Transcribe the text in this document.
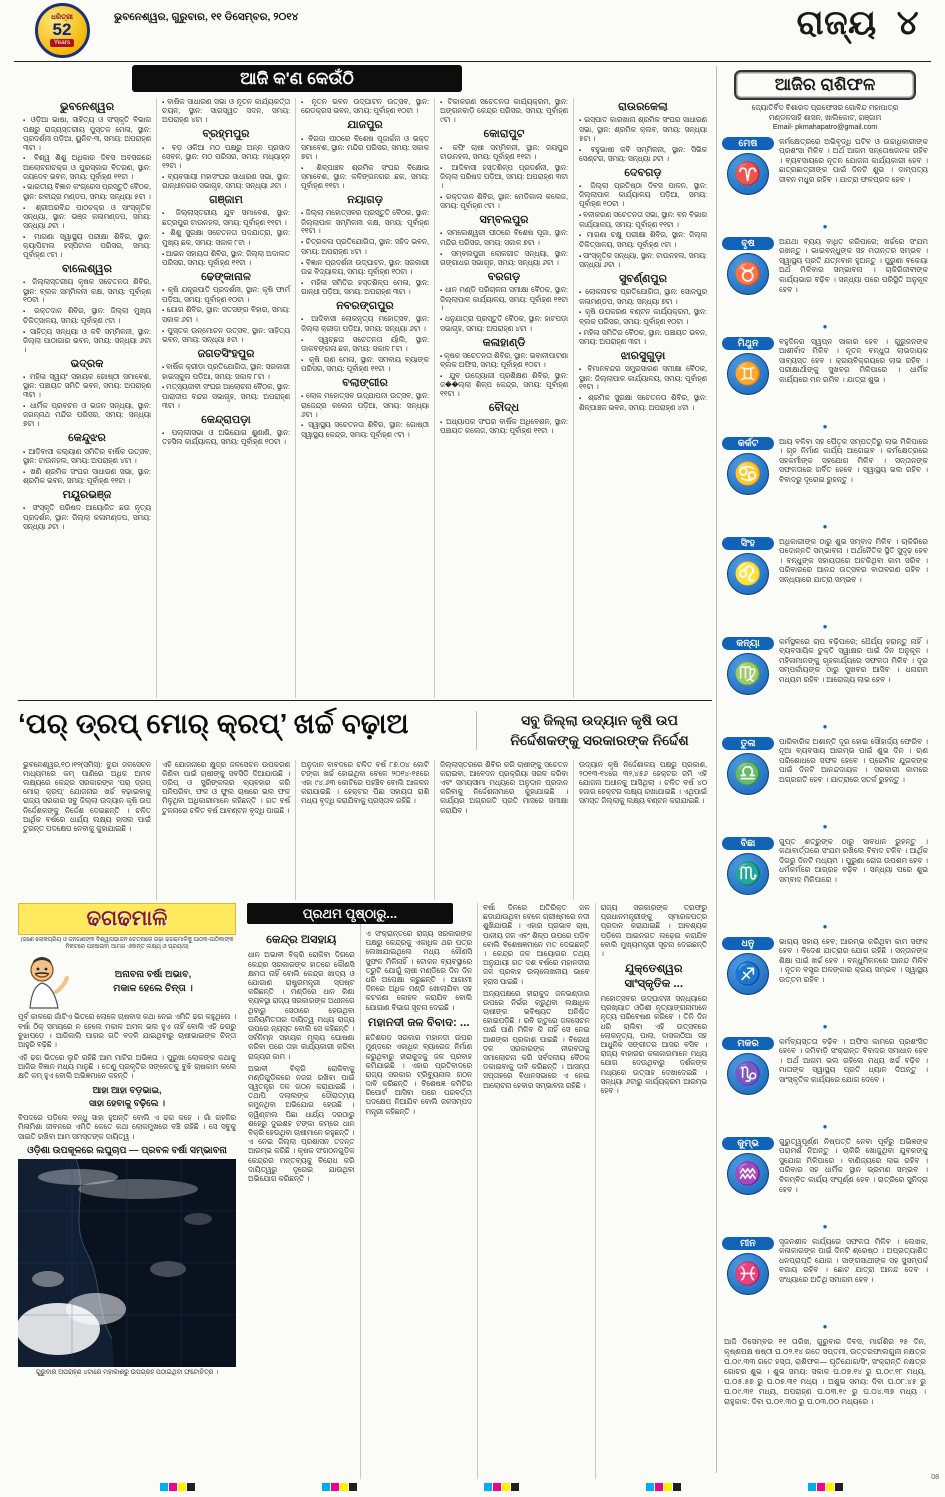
ଧରିତ୍ରୀ
52
Years
ଭୁବନେଶ୍ୱର, ଗୁରୁବାର, ୧୧ ଡିସେମ୍ବର, ୨୦୧୪	ରାଜ୍ୟ ୪
ଆଜି କ'ଣ କେଉଁଠି
ଭୁବନେଶ୍ୱର

▪ ଓଡ଼ିଆ ଭାଷା, ସାହିତ୍ୟ ଓ ସଂସ୍କୃତି ବିଭାଗ ପକ୍ଷରୁ ରାଜ୍ୟସ୍ତରୀୟ ପୁସ୍ତକ ମେଳା, ସ୍ଥାନ: ପ୍ରଦର୍ଶନୀ ପଡ଼ିଆ, ୟୁନିଟ-୩, ସମୟ: ଅପରାହ୍ଣ ୩ଟା ।

▪ ବିଶ୍ୱ ଶିଶୁ ଅଧିକାର ଦିବସ ଅବସରରେ ଆଲୋଚନାଚକ୍ର ଓ ପୁରସ୍କାର ବିତରଣ, ସ୍ଥାନ: ଜୟଦେବ ଭବନ, ସମୟ: ପୂର୍ବାହ୍ଣ ୧୧ଟା ।

▪ ଭାରତୀୟ ବିଜ୍ଞାନ କଂଗ୍ରେସ ପ୍ରସ୍ତୁତି ବୈଠକ, ସ୍ଥାନ: ରବୀନ୍ଦ୍ର ମଣ୍ଡପ, ସମୟ: ସନ୍ଧ୍ୟା ୫ଟା ।

▪ ଶ୍ରୀଅରବିନ୍ଦ ପାଠଚକ୍ର ଓ ସାଂସ୍କୃତିକ ସନ୍ଧ୍ୟା, ସ୍ଥାନ: ଭଞ୍ଜ କଳାମଣ୍ଡପ, ସମୟ: ସନ୍ଧ୍ୟା ୬ଟା ।

▪ ମାଗଣା ସ୍ୱାସ୍ଥ୍ୟ ପରୀକ୍ଷା ଶିବିର, ସ୍ଥାନ: କ୍ୟାପିଟାଲ ହସ୍ପିଟାଲ ପରିସର, ସମୟ: ପୂର୍ବାହ୍ଣ ୯ଟା ।

ବାଲେଶ୍ୱର

▪ ଜିଲ୍ଲାସ୍ତରୀୟ କୃଷକ ସଚେତନତା ଶିବିର, ସ୍ଥାନ: ବ୍ଲକ ସମ୍ମିଳନୀ କକ୍ଷ, ସମୟ: ପୂର୍ବାହ୍ଣ ୧୦ଟା ।

▪ ରକ୍ତଦାନ ଶିବିର, ସ୍ଥାନ: ଜିଲ୍ଲା ମୁଖ୍ୟ ଚିକିତ୍ସାଳୟ, ସମୟ: ପୂର୍ବାହ୍ଣ ୯ଟା ।

▪ ସାହିତ୍ୟ ସନ୍ଧ୍ୟା ଓ କବି ସମ୍ମିଳନୀ, ସ୍ଥାନ: ଜିଲ୍ଲା ପାଠାଗାର ଭବନ, ସମୟ: ସନ୍ଧ୍ୟା ୬ଟା ।

ଭଦ୍ରକ

▪ ମହିଳା ସ୍ୱୟଂ ସହାୟକ ଗୋଷ୍ଠୀ ସମାବେଶ, ସ୍ଥାନ: ପଞ୍ଚାୟତ ସମିତି ଭବନ, ସମୟ: ଅପରାହ୍ଣ ୩ଟା ।

▪ ଧାର୍ମିକ ପ୍ରବଚନ ଓ ଭଜନ ସନ୍ଧ୍ୟା, ସ୍ଥାନ: ଜଗନ୍ନାଥ ମନ୍ଦିର ପରିସର, ସମୟ: ସନ୍ଧ୍ୟା ୭ଟା ।

କେନ୍ଦୁଝର

▪ ଆଦିବାସୀ କଲ୍ୟାଣ ସମିତିର ବାର୍ଷିକ ଉତ୍ସବ, ସ୍ଥାନ: ଟାଉନହଲ, ସମୟ: ଅପରାହ୍ଣ ୪ଟା ।

▪ ଖଣି ଶ୍ରମିକ ସଂଘର ସାଧାରଣ ସଭା, ସ୍ଥାନ: ଶ୍ରମିକ ଭବନ, ସମୟ: ପୂର୍ବାହ୍ଣ ୧୧ଟା ।

ମୟୂରଭଞ୍ଜ

▪ ସଂସ୍କୃତି ପରିଷଦ ଆୟୋଜିତ ଛଉ ନୃତ୍ୟ ପ୍ରଦର୍ଶନ, ସ୍ଥାନ: ଜିଲ୍ଲା କଳାମଣ୍ଡପ, ସମୟ: ସନ୍ଧ୍ୟା ୬ଟା ।

▪ ବାର୍ଷିକ ସାଧାରଣ ସଭା ଓ ନୂତନ କାର୍ଯ୍ୟକର୍ତ୍ତା ଚୟନ, ସ୍ଥାନ: ସାରସ୍ୱତ ସଦନ, ସମୟ: ଅପରାହ୍ଣ ୪ଟା ।

ବ୍ରହ୍ମପୁର

▪ ବଡ଼ ଓଳିଆ ମଠ ପକ୍ଷରୁ ଅନ୍ନ ପ୍ରସାଦ ସେବନ, ସ୍ଥାନ: ମଠ ପରିସର, ସମୟ: ମଧ୍ୟାହ୍ନ ୧୨ଟା ।

▪ ବ୍ୟବସାୟୀ ମହାସଂଘର ସାଧାରଣ ସଭା, ସ୍ଥାନ: ଗାନ୍ଧୀନଗର ସଭାଗୃହ, ସମୟ: ସନ୍ଧ୍ୟା ୬ଟା ।

ଗଞ୍ଜାମ

▪ ଜିଲ୍ଲାସ୍ତରୀୟ ଯୁବ ସମାବେଶ, ସ୍ଥାନ: ଛତ୍ରପୁର ଟାଉନହଲ, ସମୟ: ପୂର୍ବାହ୍ଣ ୧୧ଟା ।

▪ ଶିଶୁ ସୁରକ୍ଷା ସଚେତନତା ପଦଯାତ୍ରା, ସ୍ଥାନ: ମୁଖ୍ୟ ଛକ, ସମୟ: ସକାଳ ୮ଟା ।

▪ ଆଇନ ସହାୟତା ଶିବିର, ସ୍ଥାନ: ଜିଲ୍ଲା ଅଦାଲତ ପରିସର, ସମୟ: ପୂର୍ବାହ୍ଣ ୧୧ଟା ।

ଢେଙ୍କାନାଳ

▪ କୃଷି ଯନ୍ତ୍ରପାତି ପ୍ରଦର୍ଶନୀ, ସ୍ଥାନ: କୃଷି ଫାର୍ମ ପଡ଼ିଆ, ସମୟ: ପୂର୍ବାହ୍ଣ ୧୦ଟା ।

▪ ଯୋଗ ଶିବିର, ସ୍ଥାନ: ସତସଙ୍ଗ ବିହାର, ସମୟ: ସକାଳ ୬ଟା ।

▪ ପୁସ୍ତକ ଉନ୍ମୋଚନ ଉତ୍ସବ, ସ୍ଥାନ: ସାହିତ୍ୟ ଭବନ, ସମୟ: ସନ୍ଧ୍ୟା ୫ଟା ।

ଜଗତସିଂହପୁର

▪ ବାର୍ଷିକ କ୍ରୀଡ଼ା ପ୍ରତିଯୋଗିତା, ସ୍ଥାନ: ସରକାରୀ ହାଇସ୍କୁଲ ପଡ଼ିଆ, ସମୟ: ସକାଳ ୮ଟା ।

▪ ମତ୍ସ୍ୟଜୀବୀ ସଂଘର ଆଲୋଚନା ବୈଠକ, ସ୍ଥାନ: ପାରାଦୀପ ବନ୍ଦର ସଭାଗୃହ, ସମୟ: ଅପରାହ୍ଣ ୩ଟା ।

କେନ୍ଦ୍ରାପଡ଼ା

▪ ପଲ୍ଲୀସଭା ଓ ଅଭିଯୋଗ ଶୁଣାଣି, ସ୍ଥାନ: ତହସିଲ କାର୍ଯ୍ୟାଳୟ, ସମୟ: ପୂର୍ବାହ୍ଣ ୧୦ଟା ।

▪ ନୂତନ ଭବନ ଉଦ୍‌ଘାଟନ ଉତ୍ସବ, ସ୍ଥାନ: ରେଡକ୍ରସ ଭବନ, ସମୟ: ପୂର୍ବାହ୍ଣ ୧୦ଟା ।

ଯାଜପୁର

▪ ବିରଜା ପୀଠରେ ବିଶେଷ ପୂଜାର୍ଚ୍ଚନା ଓ ଭକ୍ତ ସମାବେଶ, ସ୍ଥାନ: ମନ୍ଦିର ପରିସର, ସମୟ: ସକାଳ ୭ଟା ।

▪ ଶିଳ୍ପାଞ୍ଚଳ ଶ୍ରମିକ ସଂଘର ବିକ୍ଷୋଭ ସମାବେଶ, ସ୍ଥାନ: କଳିଙ୍ଗନଗର ଛକ, ସମୟ: ପୂର୍ବାହ୍ଣ ୧୧ଟା ।

ନୟାଗଡ଼

▪ ଜିଲ୍ଲା ମହୋତ୍ସବର ପ୍ରସ୍ତୁତି ବୈଠକ, ସ୍ଥାନ: ଜିଲ୍ଲାପାଳ ସମ୍ମିଳନୀ କକ୍ଷ, ସମୟ: ପୂର୍ବାହ୍ଣ ୧୧ଟା ।

▪ ଚିତ୍ରକଳା ପ୍ରତିଯୋଗିତା, ସ୍ଥାନ: ସହିଦ ଭବନ, ସମୟ: ଅପରାହ୍ଣ ୪ଟା ।

▪ ବିଜ୍ଞାନ ପ୍ରଦର୍ଶନୀ ଉଦ୍‌ଘାଟନ, ସ୍ଥାନ: ସରକାରୀ ଉଚ୍ଚ ବିଦ୍ୟାଳୟ, ସମୟ: ପୂର୍ବାହ୍ଣ ୧୦ଟା ।

▪ ମହିଳା ସମିତିର ହସ୍ତଶିଳ୍ପ ମେଳା, ସ୍ଥାନ: ଗାନ୍ଧୀ ପଡ଼ିଆ, ସମୟ: ଅପରାହ୍ଣ ୩ଟା ।

ନବରଙ୍ଗପୁର

▪ ଆଦିବାସୀ ଲୋକନୃତ୍ୟ ମହୋତ୍ସବ, ସ୍ଥାନ: ଜିଲ୍ଲା କ୍ରୀଡ଼ା ପଡ଼ିଆ, ସମୟ: ସନ୍ଧ୍ୟା ୬ଟା ।

▪ ସ୍ୱଚ୍ଛତା ସଚେତନତା ର୍ୟାଲି, ସ୍ଥାନ: ଡାକବଙ୍ଗଳା ଛକ, ସମୟ: ସକାଳ ୮ଟା ।

▪ କୃଷି ଋଣ ମେଳା, ସ୍ଥାନ: ସମବାୟ ବ୍ୟାଙ୍କ ପରିସର, ସମୟ: ପୂର୍ବାହ୍ଣ ୧୧ଟା ।

ବଲାଙ୍ଗୀର

▪ ଲୋକ ମହୋତ୍ସବ ଉଦ୍‌ଯାପନୀ ଉତ୍ସବ, ସ୍ଥାନ: ରାଜେନ୍ଦ୍ର କଲେଜ ପଡ଼ିଆ, ସମୟ: ସନ୍ଧ୍ୟା ୬ଟା ।

▪ ସ୍ୱାସ୍ଥ୍ୟ ସଚେତନତା ଶିବିର, ସ୍ଥାନ: ଗୋଷ୍ଠୀ ସ୍ୱାସ୍ଥ୍ୟ କେନ୍ଦ୍ର, ସମୟ: ପୂର୍ବାହ୍ଣ ୯ଟା ।

▪ ଟିକାକରଣ ସଚେତନତା କାର୍ଯ୍ୟକ୍ରମ, ସ୍ଥାନ: ଅଙ୍ଗନବାଡ଼ି କେନ୍ଦ୍ର ପରିସର, ସମୟ: ପୂର୍ବାହ୍ଣ ୯ଟା ।

କୋରାପୁଟ

▪ କଫି ଚାଷୀ ସମ୍ମିଳନୀ, ସ୍ଥାନ: ଜୟପୁର ଟାଉନହଲ, ସମୟ: ପୂର୍ବାହ୍ଣ ୧୧ଟା ।

▪ ଆଦିବାସୀ ହସ୍ତଶିଳ୍ପ ପ୍ରଦର୍ଶନୀ, ସ୍ଥାନ: ଜିଲ୍ଲା ପରିଷଦ ପଡ଼ିଆ, ସମୟ: ଅପରାହ୍ଣ ୩ଟା ।

▪ ରକ୍ତଦାନ ଶିବିର, ସ୍ଥାନ: ମେଡିକାଲ କଲେଜ, ସମୟ: ପୂର୍ବାହ୍ଣ ୯ଟା ।

ସମ୍ବଲପୁର

▪ ସମଲେଶ୍ୱରୀ ପୀଠରେ ବିଶେଷ ପୂଜା, ସ୍ଥାନ: ମନ୍ଦିର ପରିସର, ସମୟ: ସକାଳ ୭ଟା ।

▪ ସମ୍ବଲପୁରୀ ଲୋକଗୀତ ସନ୍ଧ୍ୟା, ସ୍ଥାନ: ଗଙ୍ଗାଧର ସଭାଗୃହ, ସମୟ: ସନ୍ଧ୍ୟା ୬ଟା ।

ବରଗଡ଼

▪ ଧାନ ମଣ୍ଡି ପରିଚାଳନା ସମୀକ୍ଷା ବୈଠକ, ସ୍ଥାନ: ଜିଲ୍ଲାପାଳ କାର୍ଯ୍ୟାଳୟ, ସମୟ: ପୂର୍ବାହ୍ଣ ୧୧ଟା ।

▪ ଧନୁଯାତ୍ରା ପ୍ରସ୍ତୁତି ବୈଠକ, ସ୍ଥାନ: ହାଟପଡ଼ା ସଭାଗୃହ, ସମୟ: ଅପରାହ୍ଣ ୪ଟା ।

କଳାହାଣ୍ଡି

▪ କୃଷକ ସଚେତନତା ଶିବିର, ସ୍ଥାନ: ଭବାନୀପାଟଣା ବ୍ଲକ ଅଫିସ, ସମୟ: ପୂର୍ବାହ୍ଣ ୧୦ଟା ।

▪ ଯୁବ ଉଦ୍ୟୋଗୀ ପ୍ରଶିକ୍ଷଣ ଶିବିର, ସ୍ଥାନ: ଜ��ଲ୍ଲା ଶିଳ୍ପ କେନ୍ଦ୍ର, ସମୟ: ପୂର୍ବାହ୍ଣ ୧୧ଟା ।

ବୌଦ୍ଧ

▪ ଅଧ୍ୟାପକ ସଂଘର ବାର୍ଷିକ ଅଧିବେଶନ, ସ୍ଥାନ: ପଞ୍ଚାୟତ କଲେଜ, ସମୟ: ପୂର୍ବାହ୍ଣ ୧୧ଟା ।

ରାଉରକେଲା

▪ ଇସ୍ପାତ କାରଖାନା ଶ୍ରମିକ ସଂଘର ସାଧାରଣ ସଭା, ସ୍ଥାନ: ଶ୍ରମିକ କ୍ଲବ, ସମୟ: ସନ୍ଧ୍ୟା ୫ଟା ।

▪ ବହୁଭାଷୀ କବି ସମ୍ମିଳନୀ, ସ୍ଥାନ: ସିଭିକ ସେଣ୍ଟର, ସମୟ: ସନ୍ଧ୍ୟା ୬ଟା ।

ଦେବଗଡ଼

▪ ଜିଲ୍ଲା ପ୍ରତିଷ୍ଠା ଦିବସ ପାଳନ, ସ୍ଥାନ: ଜିଲ୍ଲାପାଳ କାର୍ଯ୍ୟାଳୟ ପଡ଼ିଆ, ସମୟ: ପୂର୍ବାହ୍ଣ ୧୦ଟା ।

▪ ବନୀକରଣ ସଚେତନତା ସଭା, ସ୍ଥାନ: ବନ ବିଭାଗ କାର୍ଯ୍ୟାଳୟ, ସମୟ: ପୂର୍ବାହ୍ଣ ୧୧ଟା ।

▪ ମାଗଣା ଚକ୍ଷୁ ପରୀକ୍ଷା ଶିବିର, ସ୍ଥାନ: ଜିଲ୍ଲା ଚିକିତ୍ସାଳୟ, ସମୟ: ପୂର୍ବାହ୍ଣ ୯ଟା ।

▪ ସାଂସ୍କୃତିକ ସନ୍ଧ୍ୟା, ସ୍ଥାନ: ଟାଉନହଲ, ସମୟ: ସନ୍ଧ୍ୟା ୬ଟା ।

ସୁବର୍ଣ୍ଣପୁର

▪ ଲୋକନାଟକ ପ୍ରତିଯୋଗିତା, ସ୍ଥାନ: ସୋନପୁର କଳାମଣ୍ଡପ, ସମୟ: ସନ୍ଧ୍ୟା ୭ଟା ।

▪ କୃଷି ଉପକରଣ ବଣ୍ଟନ କାର୍ଯ୍ୟକ୍ରମ, ସ୍ଥାନ: ବ୍ଲକ ପରିସର, ସମୟ: ପୂର୍ବାହ୍ଣ ୧୦ଟା ।

▪ ମହିଳା ସମିତିର ବୈଠକ, ସ୍ଥାନ: ପଞ୍ଚାୟତ ଭବନ, ସମୟ: ଅପରାହ୍ଣ ୩ଟା ।

ଝାରସୁଗୁଡ଼ା

▪ ବିମାନବନ୍ଦର ସମ୍ପ୍ରସାରଣ ସମୀକ୍ଷା ବୈଠକ, ସ୍ଥାନ: ଜିଲ୍ଲାପାଳ କାର୍ଯ୍ୟାଳୟ, ସମୟ: ପୂର୍ବାହ୍ଣ ୧୧ଟା ।

▪ ଶ୍ରମିକ ସୁରକ୍ଷା ସଚେତନତା ଶିବିର, ସ୍ଥାନ: ଶିଳ୍ପାଞ୍ଚଳ ଭବନ, ସମୟ: ଅପରାହ୍ଣ ୪ଟା ।

‘ପର୍ ଡ୍ରପ୍ ମୋର୍ କ୍ରପ୍’ ଖର୍ଚ୍ଚ ବଢ଼ାଅ	ସବୁ ଜିଲ୍ଲା ଉଦ୍ୟାନ କୃଷି ଉପ
ନିର୍ଦ୍ଦେଶକଙ୍କୁ ସରକାରଙ୍କ ନିର୍ଦ୍ଦେଶ
ଭୁବନେଶ୍ୱର,୧୦।୧୨(ସମିସ): ବୁନ୍ଦା ଜଳସେଚନ ମାଧ୍ୟମରେ କମ୍ ପାଣିରେ ଅଧିକ ଅମଳ ଲକ୍ଷ୍ୟରେ କେନ୍ଦ୍ର ସରକାରଙ୍କ ‘ପର୍ ଡ୍ରପ୍ ମୋର୍ କ୍ରପ୍’ ଯୋଜନାର ଖର୍ଚ୍ଚ ବଢ଼ାଇବାକୁ ରାଜ୍ୟ ସରକାର ସବୁ ଜିଲ୍ଲା ଉଦ୍ୟାନ କୃଷି ଉପ ନିର୍ଦ୍ଦେଶକଙ୍କୁ ନିର୍ଦ୍ଦେଶ ଦେଇଛନ୍ତି । ଚଳିତ ଆର୍ଥିକ ବର୍ଷରେ ଧାର୍ଯ୍ୟ ଲକ୍ଷ୍ୟ ହାସଲ ପାଇଁ ତୁରନ୍ତ ପଦକ୍ଷେପ ନେବାକୁ କୁହାଯାଇଛି ।
ଏହି ଯୋଜନାରେ କ୍ଷୁଦ୍ର ଜଳସେଚନ ଉପକରଣ କିଣିବା ପାଇଁ ଚାଷୀଙ୍କୁ ସବସିଡି ଦିଆଯାଉଛି । ଡ୍ରିପ୍ ଓ ସ୍ପ୍ରିଙ୍କଲର ବ୍ୟବହାର କରି ପନିପରିବା, ଫଳ ଓ ଫୁଲ ଚାଷରେ ଭଲ ଫଳ ମିଳୁଥିବା ଅଧିକାରୀମାନେ କହିଛନ୍ତି । ଗତ ବର୍ଷ ତୁଳନାରେ ଚଳିତ ବର୍ଷ ଆବଣ୍ଟନ ବୃଦ୍ଧି ପାଇଛି ।
ଅନୁଦାନ ବାବଦରେ ଚଳିତ ବର୍ଷ ୮୭.୦୪ କୋଟି ଟଙ୍କା ଖର୍ଚ୍ଚ ହୋଇଥିବା ବେଳେ ୨୦୧୪-୧୫ରେ ଏହା ୯୪.୬୩ କୋଟିରେ ପହଞ୍ଚିବ ବୋଲି ଆକଳନ କରାଯାଇଛି । ହେକ୍ଟର ପିଛା ସହାୟତା ରାଶି ମଧ୍ୟ ବୃଦ୍ଧି କରାଯିବାକୁ ପ୍ରସ୍ତାବ ରହିଛି ।
ଜିଲ୍ଲାସ୍ତରରେ ଶିବିର କରି ଚାଷୀଙ୍କୁ ସଚେତନ କରାଇବା, ଆବେଦନ ପ୍ରକ୍ରିୟା ସରଳ କରିବା ଏବଂ ସମୟସୀମା ମଧ୍ୟରେ ଅନୁଦାନ ପ୍ରଦାନ କରିବାକୁ ନିର୍ଦ୍ଦେଶନାମାରେ କୁହାଯାଇଛି । କାର୍ଯ୍ୟର ଅଗ୍ରଗତି ପ୍ରତି ମାସରେ ସମୀକ୍ଷା କରାଯିବ ।
ଉଦ୍ୟାନ କୃଷି ନିର୍ଦ୍ଦେଶାଳୟ ପକ୍ଷରୁ ପ୍ରକାଶ, ୨୦୧୩-୧୪ରେ ୩୨,୪୫୬ ହେକ୍ଟର ଜମି ଏହି ଯୋଜନା ଅଧୀନକୁ ଆସିଥିଲା । ଚଳିତ ବର୍ଷ ୪୦ ହଜାର ହେକ୍ଟର ଲକ୍ଷ୍ୟ ରଖାଯାଇଛି । ଏଥିପାଇଁ ସମସ୍ତ ଜିଲ୍ଲାକୁ ଲକ୍ଷ୍ୟ ବଣ୍ଟନ କରାଯାଇଛି ।
ଢଗଢମାଳି
(ଜଣେ ଲୋକପ୍ରିୟ ଓ ଜନଗଣଙ୍କ ବିଶ୍ୱାସଭାଜନ ଚେତନାରେ ଗଢ଼ା ଢଗଢମାଳିକୁ ପାଠକ-ପାଠିକାଙ୍କ ନିକଟରେ ପହଞ୍ଚାଇବା ଆମର ଏକାନ୍ତ ଲକ୍ଷ୍ୟ ଓ ପ୍ରୟାସ)
ଅନାବନା ବର୍ଷା ଅଭାବ,
ମକାଳ ହେଲେ ଚିନ୍ତା ।

ପୂର୍ବ କାଳରେ ଗାଁଟିଏ ଭିତରେ ଲୋକେ ଚାଷବାସ କଥା ନେଇ ଏମିତି ଢଗ କହୁଥିଲେ । ବର୍ଷା ଠିକ୍ ସମୟରେ ନ ହେଲେ ମକାଳ ଅମଳ ଭଲ ହୁଏ ନାହିଁ ବୋଲି ଏହି ଢଗରୁ ବୁଝାପଡ଼େ । ଆଜିକାଲି ପାଗର ଗତି ବଦଳି ଯାଇଥିବାରୁ ଚାଷୀଭାଇଙ୍କ ଚିନ୍ତା ଆହୁରି ବଢ଼ିଛି ।

ଏହି ଢଗ ଭିତରେ ଲୁଚି ରହିଛି ଆମ ମାଟିର ଅଭିଜ୍ଞତା । ପୁରୁଖା ଲୋକଙ୍କ କଥାକୁ ଆଜିର ବିଜ୍ଞାନ ମଧ୍ୟ ମାନୁଛି । ତେଣୁ ପ୍ରକୃତିର ସଙ୍କେତକୁ ବୁଝି ଚାଷକାମ କଲେ କ୍ଷତି କମ୍ ହୁଏ ବୋଲି ଅଭିଜ୍ଞମାନେ କହନ୍ତି ।

ଆହା ଆହା ବଡ଼ଭାଇ,
ସାହା ହେବାକୁ ବଢ଼ିଲେ ।

ବିପଦରେ ପଡ଼ିଲେ ବନ୍ଧୁ ସାହା ହୁଅନ୍ତି ବୋଲି ଏ ଢଗ କହେ । ଗାଁ ଗହଳିର ମିଳାମିଶା ଜୀବନରେ ଏମିତି କେତେ କଥା ଲୋକମୁଖରେ ବଞ୍ଚି ରହିଛି । ସେ ସବୁକୁ ସାଇତି ରଖିବା ଆମ ସମସ୍ତଙ୍କ ଦାୟିତ୍ୱ ।

ଓଡ଼ିଶା ଉପକୂଳରେ ଲଘୁଚାପ — ପ୍ରବଳ ବର୍ଷା ସମ୍ଭାବନା
ଗୁରୁବାର ଅପରାହ୍ଣ ୪ଟାରେ ମହାକାଶରୁ ଉପଗ୍ରହ ପଠାଇଥିବା ଫଟୋଚିତ୍ର ।
ପ୍ରଥମ ପୃଷ୍ଠାରୁ...
କେନ୍ଦ୍ର ଅସହାୟ

ଧାନ ଅଭାବୀ ବିକ୍ରି ରୋକିବା ଦିଗରେ କେନ୍ଦ୍ର ସରକାରଙ୍କ ହାତରେ କୌଣସି କ୍ଷମତା ନାହିଁ ବୋଲି କେନ୍ଦ୍ର ଖାଦ୍ୟ ଓ ଯୋଗାଣ ରାଷ୍ଟ୍ରମନ୍ତ୍ରୀ ସ୍ପଷ୍ଟ କରିଛନ୍ତି । ମଣ୍ଡିରେ ଧାନ କିଣା ବ୍ୟବସ୍ଥା ରାଜ୍ୟ ସରକାରଙ୍କ ଅଧୀନରେ ଥିବାରୁ ସେଠାରେ ହେଉଥିବା ଅନିୟମିତତାର ଦାୟିତ୍ୱ ମଧ୍ୟ ରାଜ୍ୟ ଉପରେ ନ୍ୟସ୍ତ ବୋଲି ସେ କହିଛନ୍ତି । ସର୍ବନିମ୍ନ ସହାୟକ ମୂଲ୍ୟ ଘୋଷଣା କରିବା ପରେ ତାହା କାର୍ଯ୍ୟକାରୀ କରିବା ରାଜ୍ୟର କାମ ।

ଅଭାବୀ ବିକ୍ରି ରୋକିବାକୁ ମଣ୍ଡିଗୁଡ଼ିକରେ ନଜର ରଖିବା ପାଇଁ ସ୍ୱତନ୍ତ୍ର ଦଳ ଗଠନ କରାଯାଇଛି । ତଥାପି ଦଲାଲଙ୍କ ଦୌରାତ୍ମ୍ୟ କମୁନଥିବା ଅଭିଯୋଗ ହେଉଛି । କ୍ୱିଣ୍ଟାଲ ପିଛା ଧାର୍ଯ୍ୟ ଦରଠାରୁ ଶହେରୁ ଦୁଇଶହ ଟଙ୍କା କମ୍‌ରେ ଧାନ ବିକ୍ରି ହେଉଥିବା ଚାଷୀମାନେ କହୁଛନ୍ତି । ଏ ନେଇ ଜିଲ୍ଲା ପ୍ରଶାସନ ତଦନ୍ତ ଆରମ୍ଭ କରିଛି । କୃଷକ ସଂଗଠନଗୁଡ଼ିକ କେନ୍ଦ୍ରର ମନ୍ତବ୍ୟକୁ ବିରୋଧ କରି ଦାୟିତ୍ୱରୁ ଦୂରେଇ ଯାଉଥିବା ଅଭିଯୋଗ କରିଛନ୍ତି ।

ଏ ସଂକ୍ରାନ୍ତରେ ରାଜ୍ୟ ସରକାରଙ୍କ ପକ୍ଷରୁ କେନ୍ଦ୍ରକୁ ଏକାଧିକ ଥର ପତ୍ର ଲେଖାଯାଇଥିଲେ ମଧ୍ୟ କୌଣସି ସୁଫଳ ମିଳିନାହିଁ । ଟୋକନ ବ୍ୟବସ୍ଥାରେ ତ୍ରୁଟି ଯୋଗୁଁ ଚାଷୀ ମଣ୍ଡିରେ ଦିନ ଦିନ ଧରି ଅପେକ୍ଷା କରୁଛନ୍ତି । ଆଗାମୀ ଦିନରେ ଅଧିକ ମଣ୍ଡି ଖୋଲାଯିବା ସହ କଟକଣା କୋହଳ କରାଯିବ ବୋଲି ଯୋଗାଣ ବିଭାଗ ସୂଚନା ଦେଇଛି ।

ମହାନଦୀ ଜଳ ବିବାଦ: ...

ଛତିଶଗଡ଼ ସରକାର ମହାନଦୀ ଉପର ମୁଣ୍ଡରେ ଏକାଧିକ ବ୍ୟାରେଜ ନିର୍ମାଣ କରୁଥିବାରୁ ହୀରାକୁଦକୁ ଜଳ ପ୍ରବାହ କମିଯାଇଛି । ଏହାର ପ୍ରତିବାଦରେ ରାଜ୍ୟ ସରକାର ଟ୍ରିବ୍ୟୁନାଲ ଗଠନ ଦାବି କରିଛନ୍ତି । ବିଶେଷଜ୍ଞ କମିଟିର ରିପୋର୍ଟ ଆସିବା ପରେ ପରବର୍ତ୍ତୀ ପଦକ୍ଷେପ ନିଆଯିବ ବୋଲି ଜଳସମ୍ପଦ ମନ୍ତ୍ରୀ କହିଛନ୍ତି ।

ବର୍ଷା ଦିନରେ ଅତିରିକ୍ତ ଜଳ ଛଡ଼ାଯାଉଥିବା ବେଳେ ଗ୍ରୀଷ୍ମରେ ନଦୀ ଶୁଖିଯାଉଛି । ଏହାର ପ୍ରଭାବ ଚାଷ, ପାନୀୟ ଜଳ ଏବଂ ଶିଳ୍ପ ଉପରେ ପଡ଼ିବ ବୋଲି ବିଶେଷଜ୍ଞମାନେ ମତ ଦେଇଛନ୍ତି । କେନ୍ଦ୍ର ଜଳ ଆୟୋଗର ତଥ୍ୟ ଅନୁଯାୟୀ ଗତ ଦଶ ବର୍ଷରେ ମହାନଦୀର ଜଳ ପ୍ରବାହ ଉଲ୍ଲେଖନୀୟ ଭାବେ ହ୍ରାସ ପାଇଛି ।

ଅନ୍ୟପକ୍ଷରେ ହୀରାକୁଦ ଜଳଭଣ୍ଡାର ଉପରେ ନିର୍ଭର କରୁଥିବା ଲକ୍ଷାଧିକ ଚାଷୀଙ୍କ ଭବିଷ୍ୟତ ଅନିଶ୍ଚିତ ହୋଇପଡ଼ିଛି । ରବି ଋତୁରେ ଜଳସେଚନ ପାଇଁ ପାଣି ମିଳିବ କି ନାହିଁ ସେ ନେଇ ଆଶଙ୍କା ପ୍ରକାଶ ପାଇଛି । ବିରୋଧୀ ଦଳ ସରକାରଙ୍କ ନୀରବତାକୁ ସମାଲୋଚନା କରି ସର୍ବଦଳୀୟ ବୈଠକ ଡକାଇବାକୁ ଦାବି କରିଛନ୍ତି । ଆସନ୍ତା ସପ୍ତାହରେ ବିଧାନସଭାରେ ଏ ନେଇ ଆଲୋଚନା ହେବାର ସମ୍ଭାବନା ରହିଛି ।

ରାଜ୍ୟ ସରକାରଙ୍କ ତରଫରୁ ପ୍ରଧାନମନ୍ତ୍ରୀଙ୍କୁ ସ୍ମାରକପତ୍ର ପ୍ରଦାନ କରାଯାଇଛି । ଆବଶ୍ୟକ ପଡ଼ିଲେ ଆଇନଗତ ଲଢ଼େଇ କରାଯିବ ବୋଲି ମୁଖ୍ୟମନ୍ତ୍ରୀ ସୂଚନା ଦେଇଛନ୍ତି ।

ଯୁକ୍ତେଶ୍ୱର ସାଂସ୍କୃତିକ ...

ମହୋତ୍ସବର ଉଦ୍‌ଘାଟନୀ ସନ୍ଧ୍ୟାରେ ପ୍ରଖ୍ୟାତ ଓଡ଼ିଶୀ ନୃତ୍ୟାଙ୍ଗନାମାନେ ନୃତ୍ୟ ପରିବେଷଣ କରିବେ । ତିନି ଦିନ ଧରି ଚାଲିବା ଏହି ଉତ୍ସବରେ ଲୋକନୃତ୍ୟ, ପାଲା, ଦାସକାଠିଆ ସହ ଆଧୁନିକ ସଙ୍ଗୀତର ଆସର ବସିବ । ରାଜ୍ୟ ବାହାରର କଳାକାରମାନେ ମଧ୍ୟ ଯୋଗ ଦେଉଥିବାରୁ ଦର୍ଶକଙ୍କ ମଧ୍ୟରେ ଉତ୍ସାହ ଦେଖାଦେଇଛି । ସନ୍ଧ୍ୟା ୬ଟାରୁ କାର୍ଯ୍ୟକ୍ରମ ଆରମ୍ଭ ହେବ ।

ଆଜିର ରାଶିଫଳ
ଜ୍ୟୋତିର୍ବିଦ ବିଶାରଦ ପ୍ରଫେସର ଗୋବିନ୍ଦ ମହାପାତ୍ର
ମଣ୍ଡଳସାହି ଶାସନ, ଖାଲିକୋଟ, ଗଞ୍ଜାମ
Email- pkmahapatro@gmail.com
ମେଷ
♈
କର୍ମକ୍ଷେତ୍ରରେ ଅଭିବୃଦ୍ଧି ଘଟିବ ଓ ଉଚ୍ଚାଧିକାରୀଙ୍କ ପ୍ରଶଂସା ମିଳିବ । ଅର୍ଥ ଆଗମ ସନ୍ତୋଷଜନକ ରହିବ । ବ୍ୟବସାୟରେ ନୂତନ ଯୋଜନା କାର୍ଯ୍ୟକାରୀ ହେବ । ଛାତ୍ରଛାତ୍ରୀଙ୍କ ପାଇଁ ଦିନଟି ଶୁଭ । ଦାମ୍ପତ୍ୟ ଜୀବନ ମଧୁର ରହିବ । ଯାତ୍ରା ଫଳପ୍ରଦ ହେବ ।
●
ବୃଷ
♉
ଅଯଥା ବ୍ୟୟ ବାଧିତ କରିପାରେ; ଖର୍ଚ୍ଚରେ ସଂଯମ ରଖନ୍ତୁ । ଭାଇବନ୍ଧୁଙ୍କ ସହ ମତାନ୍ତର ସମ୍ଭବ । ସ୍ୱାସ୍ଥ୍ୟ ପ୍ରତି ଯତ୍ନବାନ ହୁଅନ୍ତୁ । ପୁରୁଣା ବକେୟା ଅର୍ଥ ମିଳିବାର ସମ୍ଭାବନା । ଚାକିରିଜୀବୀଙ୍କ କାର୍ଯ୍ୟଭାର ବଢ଼ିବ । ସନ୍ଧ୍ୟା ପରେ ପରିସ୍ଥିତି ଅନୁକୂଳ ହେବ ।
●
ମିଥୁନ
♊
ବହୁଦିନର ସ୍ୱପ୍ନ ସାକାର ହେବ । ଗୁରୁଜନଙ୍କ ଆଶୀର୍ବାଦ ମିଳିବ । ନୂତନ ବନ୍ଧୁତା ଲାଭଦାୟକ ସାବ୍ୟସ୍ତ ହେବ । କ୍ରୟବିକ୍ରୟରେ ଲାଭ ରହିବ । ପରୀକ୍ଷାର୍ଥୀଙ୍କୁ ସୁଖବର ମିଳିପାରେ । ଧାର୍ମିକ କାର୍ଯ୍ୟରେ ମନ ରମିବ । ଯାତ୍ରା ଶୁଭ ।
●
କର୍କଟ
♋
ଆୟ ବଳିବା ସହ ପୈତୃକ ସମ୍ପତ୍ତିରୁ ଲାଭ ମିଳିପାରେ । ଗୃହ ନିର୍ମାଣ କାର୍ଯ୍ୟ ଆଗେଇବ । କର୍ମକ୍ଷେତ୍ରରେ ସହକର୍ମୀଙ୍କ ସହଯୋଗ ମିଳିବ । ସନ୍ତାନଙ୍କ ସଫଳତାରେ ଗର୍ବିତ ହେବେ । ସ୍ୱାସ୍ଥ୍ୟ ଭଲ ରହିବ । ବିବାଦରୁ ଦୂରେଇ ରୁହନ୍ତୁ ।
●
ସିଂହ
♌
ଅଧିକାରୀଙ୍କ ଠାରୁ ଶୁଭ ସମ୍ବାଦ ମିଳିବ । ଚାକିରିରେ ପଦୋନ୍ନତି ସମ୍ଭାବନା । ଅର୍ଥନୈତିକ ସ୍ଥିତି ସୁଦୃଢ଼ ହେବ । ବନ୍ଧୁଙ୍କ ସହାୟତାରେ ଅଟକିଥିବା କାମ ସରିବ । ପରିବାରରେ ଆନନ୍ଦ ଉତ୍ସବର ବାତାବରଣ ରହିବ । ସନ୍ଧ୍ୟାରେ ଯାତ୍ରା ସମ୍ଭବ ।
●
କନ୍ୟା
♍
କର୍ମସ୍ଥଳରେ ଚାପ ବଢ଼ିପାରେ; ଧୈର୍ଯ୍ୟ ହରାନ୍ତୁ ନାହିଁ । ବ୍ୟବସାୟିକ ଚୁକ୍ତି ସ୍ୱାକ୍ଷର ପାଇଁ ଦିନ ଅନୁକୂଳ । ମହିଳାମାନଙ୍କୁ ଗୃହକାର୍ଯ୍ୟରେ ସଫଳତା ମିଳିବ । ଦୂର ସମ୍ପର୍କୀୟଙ୍କ ଠାରୁ ସୁଖବର ଆସିବ । ଧନାଗମ ମଧ୍ୟମ ରହିବ । ଆରୋଗ୍ୟ ଲାଭ ହେବ ।
●
ତୁଳା
♎
ପାରିବାରିକ ଅଶାନ୍ତି ଦୂର ହୋଇ ସୌହାର୍ଦ୍ଦ୍ୟ ଫେରିବ । ନୂଆ ବ୍ୟବସାୟ ଆରମ୍ଭ ପାଇଁ ଶୁଭ ଦିନ । ଋଣ ପରିଶୋଧରେ ସଫଳ ହେବେ । ପ୍ରେମିକ ଯୁଗଳଙ୍କ ପାଇଁ ଦିନଟି ଆନନ୍ଦଦାୟକ । ସରକାରୀ କାମରେ ଅଗ୍ରଗତି ହେବ । ଯାତ୍ରାରେ ସତର୍କ ରୁହନ୍ତୁ ।
●
ବିଛା
♏
ଗୁପ୍ତ ଶତ୍ରୁଙ୍କ ଠାରୁ ସାବଧାନ ରୁହନ୍ତୁ । କଥାବାର୍ତ୍ତାରେ ସଂଯମ ରଖିଲେ ବିବାଦ ଟଳିବ । ଆର୍ଥିକ ଦିଗରୁ ଦିନଟି ମଧ୍ୟମ । ପୁରୁଣା ରୋଗ ଉପଶମ ହେବ । ଧର୍ମକର୍ମରେ ଆଗ୍ରହ ବଢ଼ିବ । ସନ୍ଧ୍ୟା ପରେ ଶୁଭ ସମ୍ବାଦ ମିଳିପାରେ ।
●
ଧନୁ
♐
ଭାଗ୍ୟ ସହାୟ ହେବ; ଆରମ୍ଭ କରିଥିବା କାମ ସଫଳ ହେବ । ବିଦେଶ ଯାତ୍ରାର ଯୋଗ ରହିଛି । ସନ୍ତାନଙ୍କ ଶିକ୍ଷା ପାଇଁ ଖର୍ଚ୍ଚ ହେବ । ବନ୍ଧୁମିଳନରେ ଆନନ୍ଦ ମିଳିବ । ନୂତନ ବସ୍ତ୍ର ଅଳଙ୍କାର କ୍ରୟ ସମ୍ଭବ । ସ୍ୱାସ୍ଥ୍ୟ ଉତ୍ତମ ରହିବ ।
●
ମକର
♑
କର୍ମବ୍ୟସ୍ତତା ବଢ଼ିବ । ଅଫିସ କାମରେ ପ୍ରଶଂସିତ ହେବେ । ଜମିବାଡ଼ି ସଂକ୍ରାନ୍ତ ବିବାଦର ସମାଧାନ ହେବ । ଅର୍ଥ ଆଗମ ଭଲ ରହିଲେ ମଧ୍ୟ ଖର୍ଚ୍ଚ ବଢ଼ିବ । ମାତାଙ୍କ ସ୍ୱାସ୍ଥ୍ୟ ପ୍ରତି ଧ୍ୟାନ ଦିଅନ୍ତୁ । ସାଂସ୍କୃତିକ କାର୍ଯ୍ୟରେ ଯୋଗ ଦେବେ ।
●
କୁମ୍ଭ
♒
ଗୁରୁତ୍ୱପୂର୍ଣ୍ଣ ନିଷ୍ପତ୍ତି ନେବା ପୂର୍ବରୁ ଅଭିଜ୍ଞଙ୍କ ପରାମର୍ଶ ନିଅନ୍ତୁ । ଚାକିରି ଖୋଜୁଥିବା ଯୁବକଙ୍କୁ ସୁଯୋଗ ମିଳିପାରେ । ବାଣିଜ୍ୟରେ ଲାଭ ରହିବ । ପରିବାର ସହ ଧାର୍ମିକ ସ୍ଥାନ ଭ୍ରମଣ ସମ୍ଭବ । ବିଳମ୍ବିତ କାର୍ଯ୍ୟ ସଂପୂର୍ଣ୍ଣ ହେବ । ରାତ୍ରିରେ ସୁନିଦ୍ରା ହେବ ।
●
ମୀନ
♓
ସୃଜନଶୀଳ କାର୍ଯ୍ୟରେ ସଫଳତା ମିଳିବ । ଲେଖକ, କଳାକାରଙ୍କ ପାଇଁ ଦିନଟି ଶ୍ରେଷ୍ଠ । ଅପ୍ରତ୍ୟାଶିତ ଧନପ୍ରାପ୍ତି ଯୋଗ । ସାଙ୍ଗସାଥୀଙ୍କ ସହ ସୁସମ୍ପର୍କ ବଜାୟ ରହିବ । ଛୋଟ ଯାତ୍ରା ଆନନ୍ଦ ଦେବ । ସଂଧ୍ୟାରେ ଅତିଥି ସମାଗମ ହେବ ।
●
ଆଜି ଡିସେମ୍ବର ୧୧ ତାରିଖ, ଗୁରୁବାର ଦିବସ, ମାର୍ଗଶିର ୨୫ ଦିନ, କୃଷ୍ଣପକ୍ଷ ଷଷ୍ଠୀ ଘ.୦୨.୧୪ ଗତେ ସପ୍ତମୀ, ଉତ୍ତରଫାଲଗୁନୀ ନକ୍ଷତ୍ର ଘ.୦୯.୩୩ ଗତେ ହସ୍ତା, ରାଶିଫଳ— ଘୃତିଯୋଗ/ସିଂ, ସଂକ୍ରାନ୍ତି ନକ୍ଷତ୍ର ଗୋଚର ଶୁଭ । ଶୁଭ ସମୟ: ସକାଳ ଘ.୦୭.୧୪ ରୁ ଘ.୦୯.୧୮ ମଧ୍ୟ, ଘ.୦୫.୫୭ ରୁ ଘ.୦୭.୩୧ ମଧ୍ୟ । ଅଶୁଭ ସମୟ: ଦିବା ଘ.୦୮.୪୫ ରୁ ଘ.୦୯.୩୧ ମଧ୍ୟ, ଅପରାହ୍ଣ ଘ.୦୩.୧୯ ରୁ ଘ.୦୪.୩୭ ମଧ୍ୟ । ରାହୁକାଳ: ଦିବା ଘ.୦୧.୩୦ ରୁ ଘ.୦୩.୦୦ ମଧ୍ୟରେ ।
08
